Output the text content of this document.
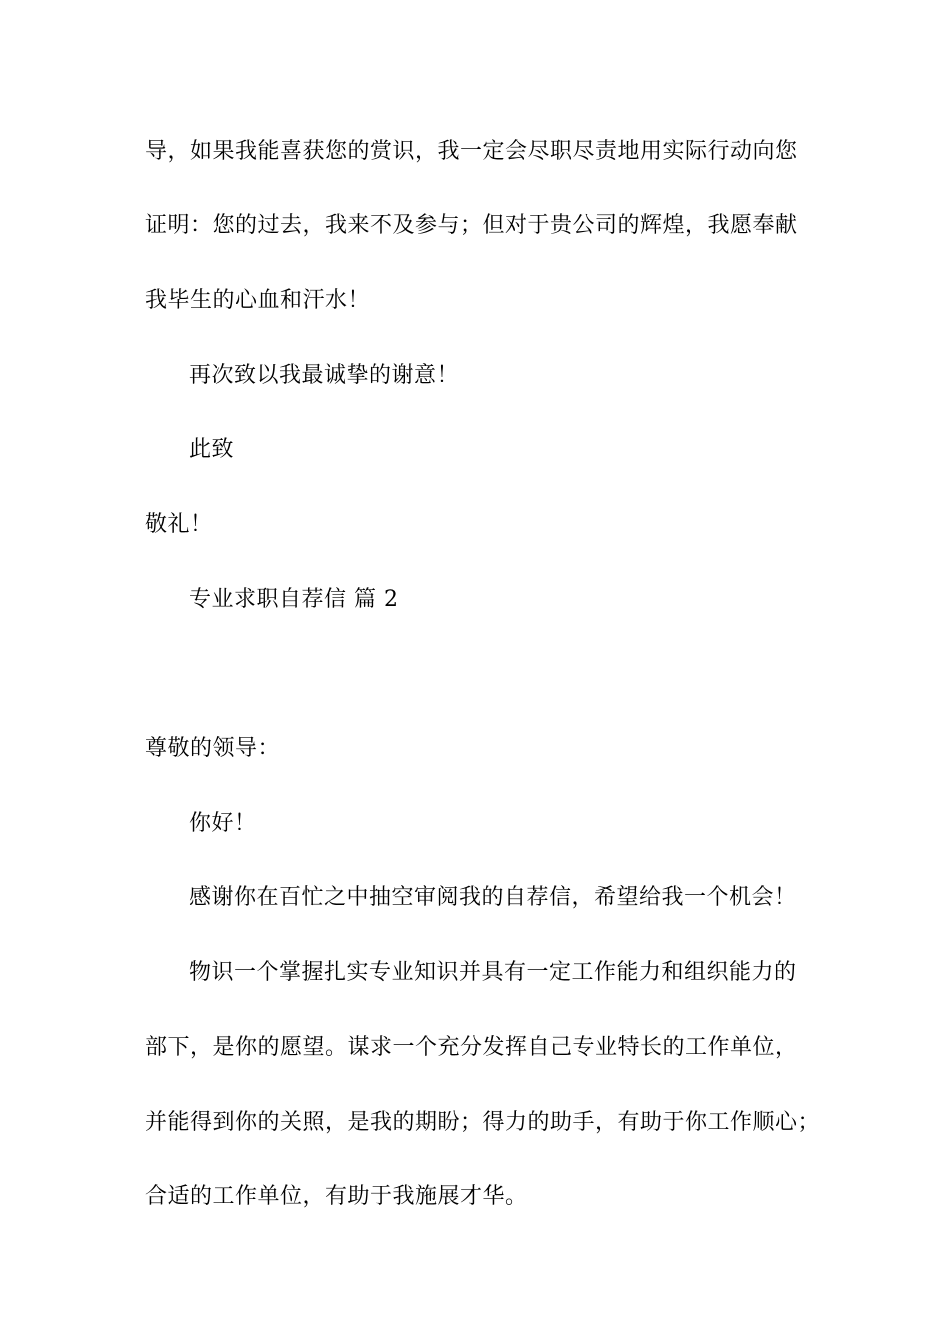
导，如果我能喜获您的赏识，我一定会尽职尽责地用实际行动向您
证明：您的过去，我来不及参与；但对于贵公司的辉煌，我愿奉献
我毕生的心血和汗水！
再次致以我最诚挚的谢意！
此致
敬礼！
专业求职自荐信 篇 2
尊敬的领导：
你好！
感谢你在百忙之中抽空审阅我的自荐信，希望给我一个机会！
物识一个掌握扎实专业知识并具有一定工作能力和组织能力的
部下，是你的愿望。谋求一个充分发挥自己专业特长的工作单位，
并能得到你的关照，是我的期盼；得力的助手，有助于你工作顺心；
合适的工作单位，有助于我施展才华。
